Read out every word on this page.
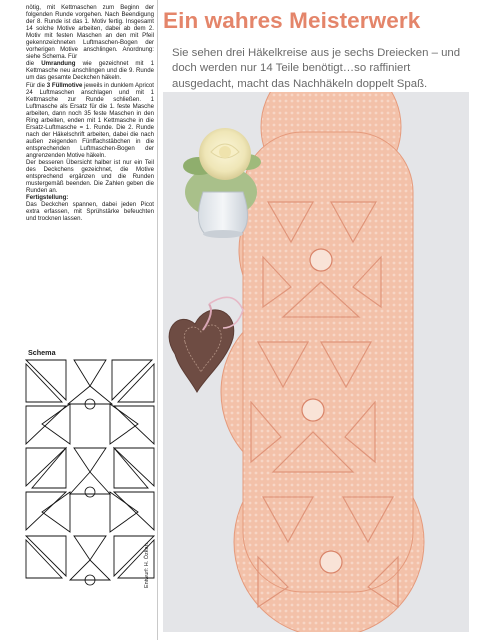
nötig, mit Kettmaschen zum Beginn der folgenden Runde vorgehen. Nach Beendigung der 8. Runde ist das 1. Motiv fertig. Insgesamt 14 solche Motive arbeiten, dabei ab dem 2. Motiv mit festen Maschen an den mit Pfeil gekennzeichneten Luftmaschen-Bogen der vorherigen Motive anschlingen. Anordnung: siehe Schema. Für

die Umrandung wie gezeichnet mit 1 Kettmasche neu anschlingen und die 9. Runde um das gesamte Deckchen häkeln.

Für die 3 Füllmotive jeweils in dunklem Apricot 24 Luftmaschen anschlagen und mit 1 Kettmasche zur Runde schließen. 1 Luftmasche als Ersatz für die 1. feste Masche arbeiten, dann noch 35 feste Maschen in den Ring arbeiten, enden mit 1 Kettmasche in die Ersatz-Luftmasche = 1. Runde. Die 2. Runde nach der Häkelschrift arbeiten, dabei die nach außen zeigenden Fünffachstäbchen in die entsprechenden Luftmaschen-Bogen der angrenzenden Motive häkeln.

Der besseren Übersicht halber ist nur ein Teil des Deckchens gezeichnet, die Motive entsprechend ergänzen und die Runden mustergemäß beenden. Die Zahlen geben die Runden an.

Fertigstellung:

Das Deckchen spannen, dabei jeden Picot extra erfassen, mit Sprühstärke befeuchten und trocknen lassen.

Ein wahres Meisterwerk
Sie sehen drei Häkelkreise aus je sechs Dreiecken – und doch werden nur 14 Teile benötigt…so raffiniert ausgedacht, macht das Nachhäkeln doppelt Spaß.
Schema
Entwurf: H. Özkan
